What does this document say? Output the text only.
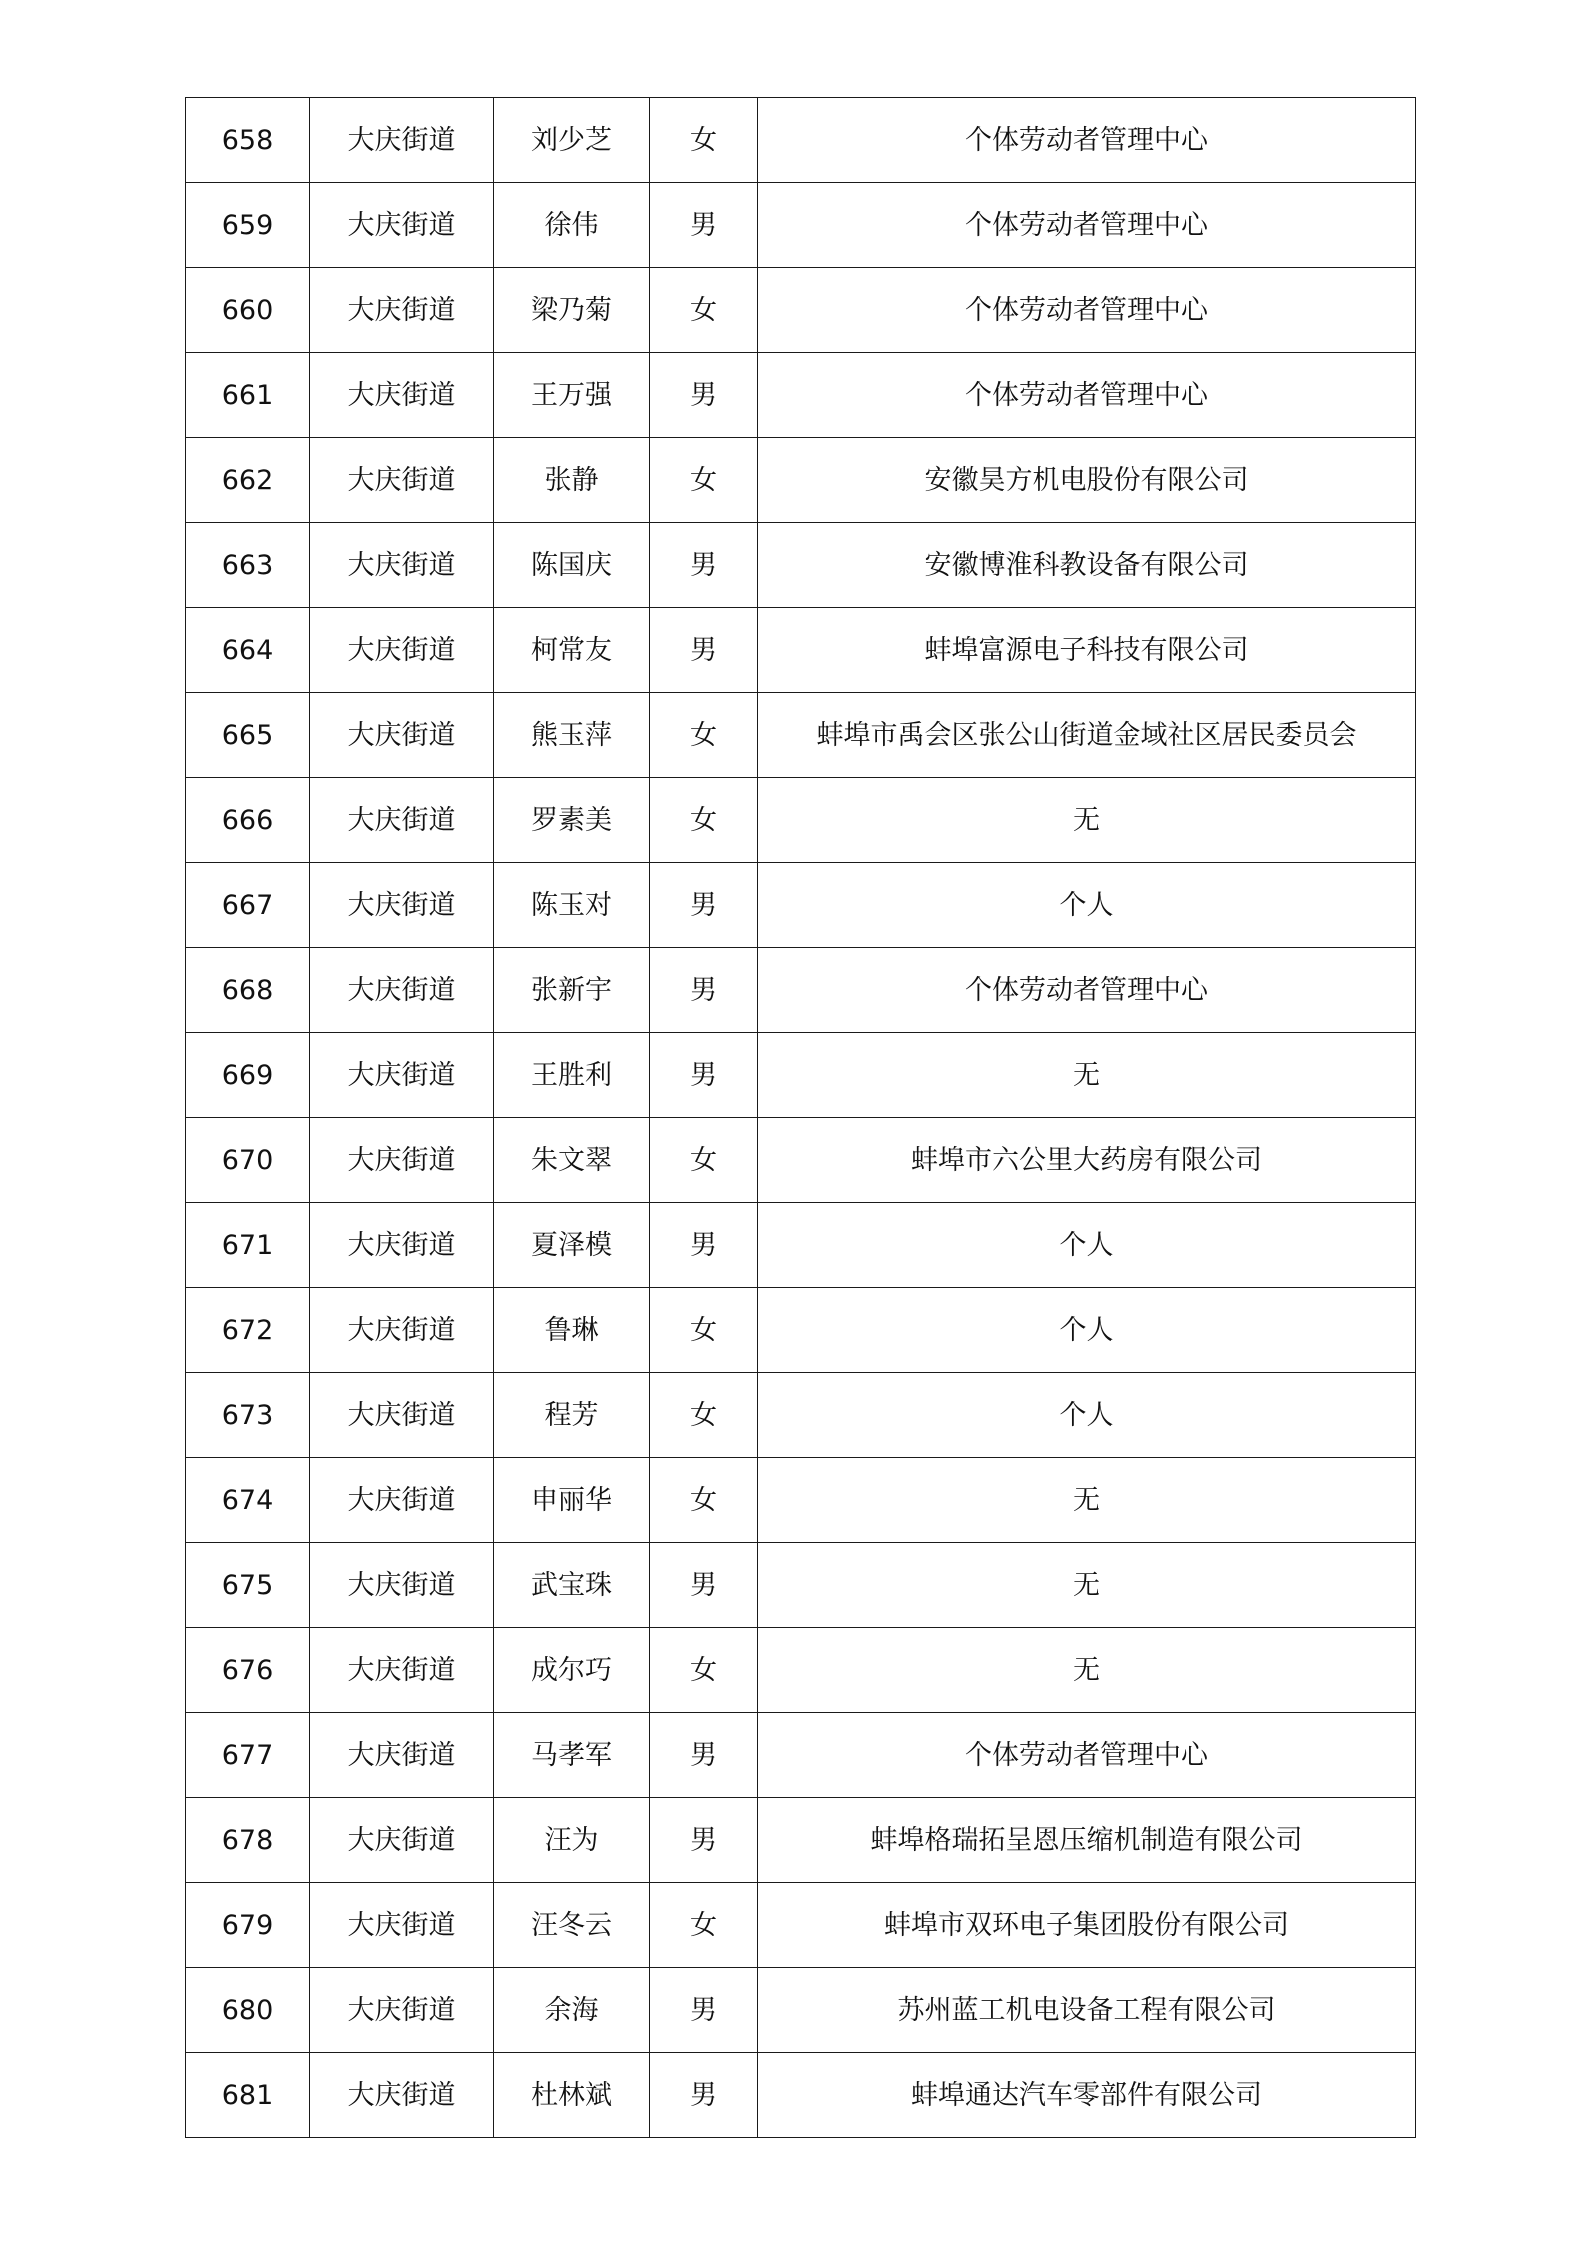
658	大庆街道	刘少芝	女	个体劳动者管理中心
659	大庆街道	徐伟	男	个体劳动者管理中心
660	大庆街道	梁乃菊	女	个体劳动者管理中心
661	大庆街道	王万强	男	个体劳动者管理中心
662	大庆街道	张静	女	安徽昊方机电股份有限公司
663	大庆街道	陈国庆	男	安徽博淮科教设备有限公司
664	大庆街道	柯常友	男	蚌埠富源电子科技有限公司
665	大庆街道	熊玉萍	女	蚌埠市禹会区张公山街道金域社区居民委员会
666	大庆街道	罗素美	女	无
667	大庆街道	陈玉对	男	个人
668	大庆街道	张新宇	男	个体劳动者管理中心
669	大庆街道	王胜利	男	无
670	大庆街道	朱文翠	女	蚌埠市六公里大药房有限公司
671	大庆街道	夏泽模	男	个人
672	大庆街道	鲁琳	女	个人
673	大庆街道	程芳	女	个人
674	大庆街道	申丽华	女	无
675	大庆街道	武宝珠	男	无
676	大庆街道	成尔巧	女	无
677	大庆街道	马孝军	男	个体劳动者管理中心
678	大庆街道	汪为	男	蚌埠格瑞拓呈恩压缩机制造有限公司
679	大庆街道	汪冬云	女	蚌埠市双环电子集团股份有限公司
680	大庆街道	余海	男	苏州蓝工机电设备工程有限公司
681	大庆街道	杜林斌	男	蚌埠通达汽车零部件有限公司
